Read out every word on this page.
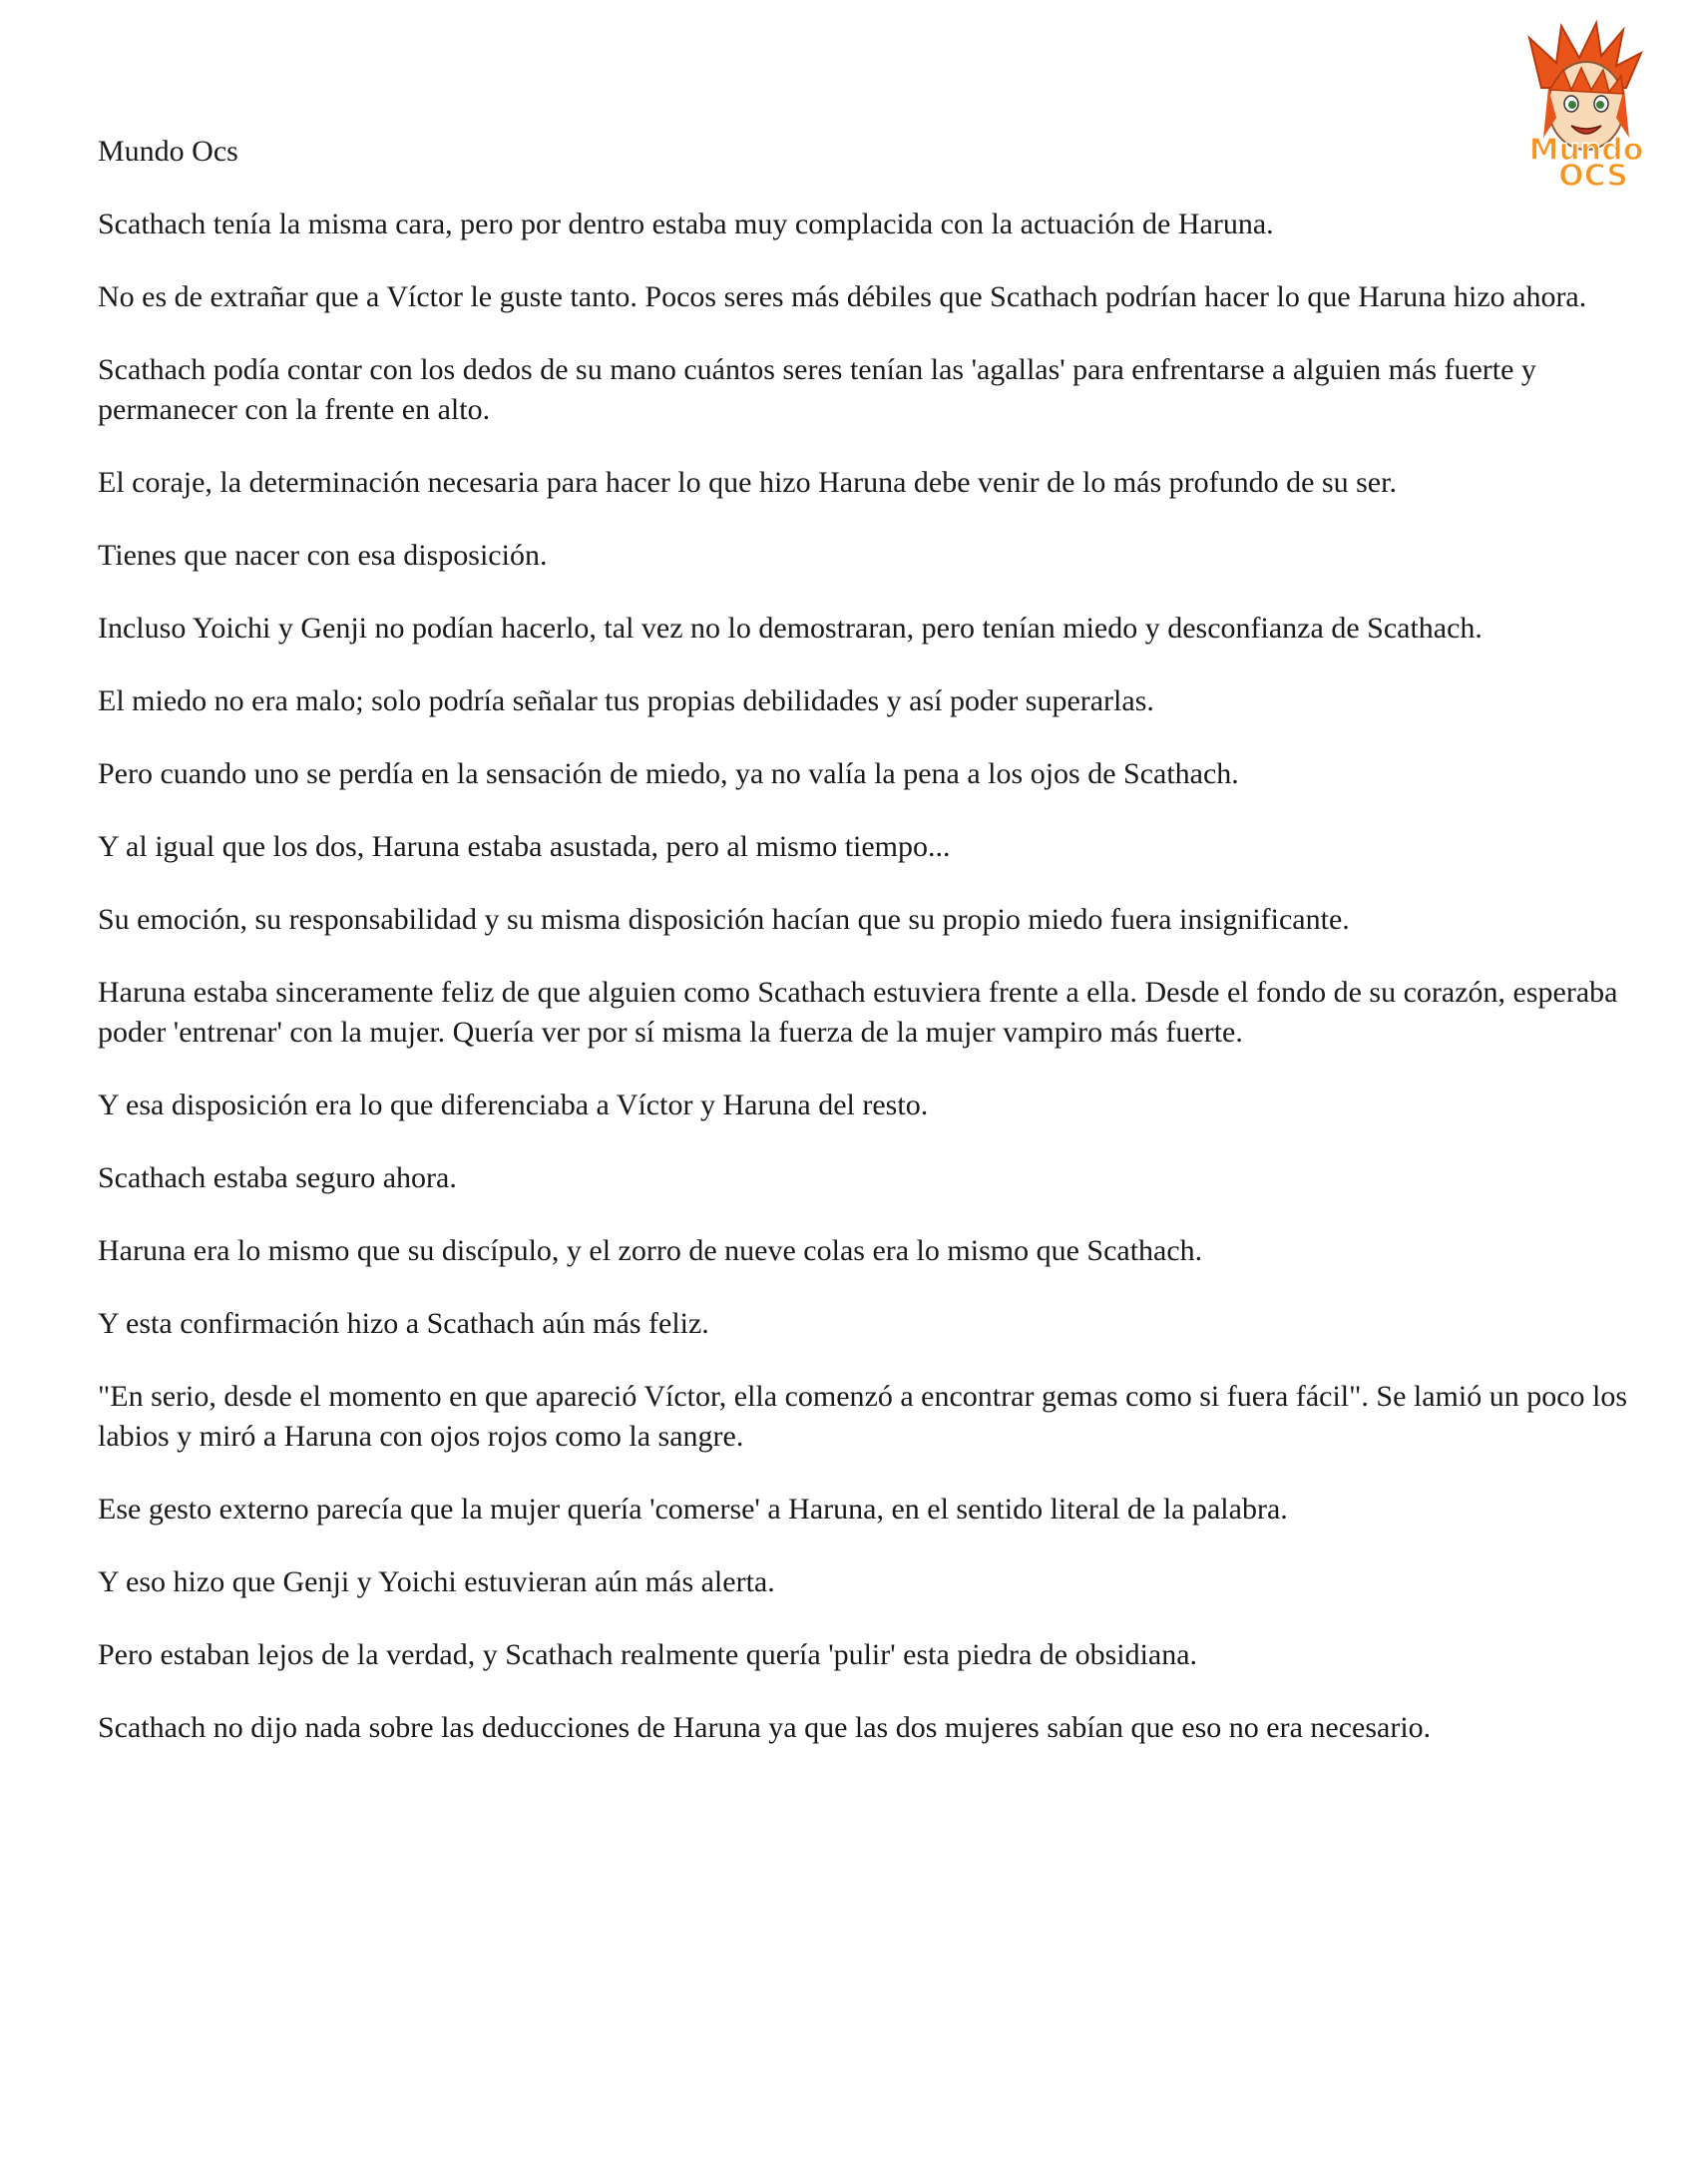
Mundo
OCS
Mundo Ocs

Scathach tenía la misma cara, pero por dentro estaba muy complacida con la actuación de Haruna.

No es de extrañar que a Víctor le guste tanto. Pocos seres más débiles que Scathach podrían hacer lo que Haruna hizo ahora.

Scathach podía contar con los dedos de su mano cuántos seres tenían las 'agallas' para enfrentarse a alguien más fuerte y permanecer con la frente en alto.

El coraje, la determinación necesaria para hacer lo que hizo Haruna debe venir de lo más profundo de su ser.

Tienes que nacer con esa disposición.

Incluso Yoichi y Genji no podían hacerlo, tal vez no lo demostraran, pero tenían miedo y desconfianza de Scathach.

El miedo no era malo; solo podría señalar tus propias debilidades y así poder superarlas.

Pero cuando uno se perdía en la sensación de miedo, ya no valía la pena a los ojos de Scathach.

Y al igual que los dos, Haruna estaba asustada, pero al mismo tiempo...

Su emoción, su responsabilidad y su misma disposición hacían que su propio miedo fuera insignificante.

Haruna estaba sinceramente feliz de que alguien como Scathach estuviera frente a ella. Desde el fondo de su corazón, esperaba poder 'entrenar' con la mujer. Quería ver por sí misma la fuerza de la mujer vampiro más fuerte.

Y esa disposición era lo que diferenciaba a Víctor y Haruna del resto.

Scathach estaba seguro ahora.

Haruna era lo mismo que su discípulo, y el zorro de nueve colas era lo mismo que Scathach.

Y esta confirmación hizo a Scathach aún más feliz.

"En serio, desde el momento en que apareció Víctor, ella comenzó a encontrar gemas como si fuera fácil". Se lamió un poco los labios y miró a Haruna con ojos rojos como la sangre.

Ese gesto externo parecía que la mujer quería 'comerse' a Haruna, en el sentido literal de la palabra.

Y eso hizo que Genji y Yoichi estuvieran aún más alerta.

Pero estaban lejos de la verdad, y Scathach realmente quería 'pulir' esta piedra de obsidiana.

Scathach no dijo nada sobre las deducciones de Haruna ya que las dos mujeres sabían que eso no era necesario.
